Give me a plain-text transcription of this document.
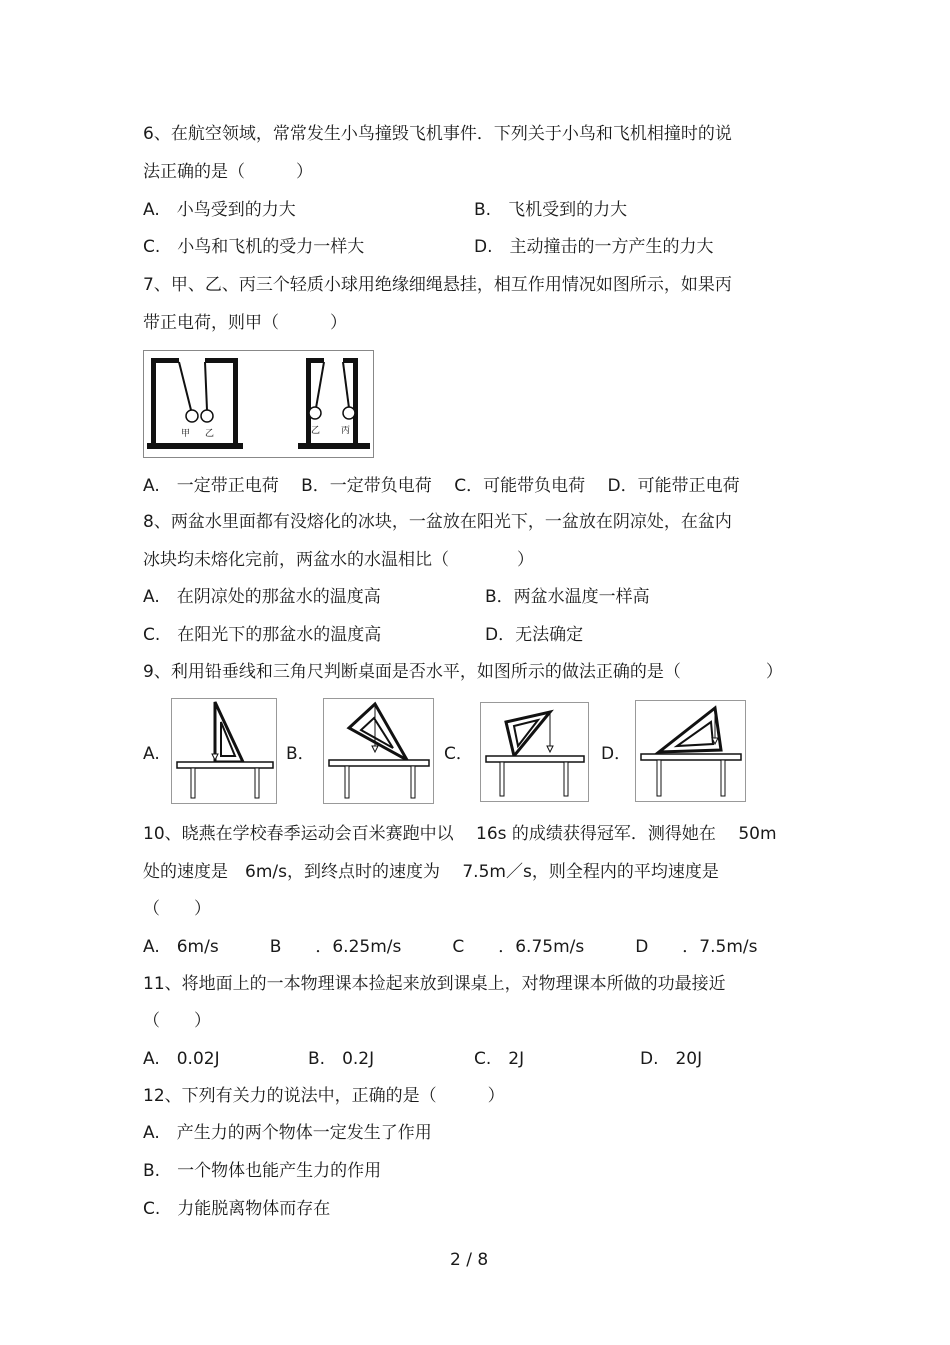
6、在航空领域，常常发生小鸟撞毁飞机事件．下列关于小鸟和飞机相撞时的说
法正确的是（　　　）
A.　小鸟受到的力大	B.　飞机受到的力大
C.　小鸟和飞机的受力一样大	D.　主动撞击的一方产生的力大
7、甲、乙、丙三个轻质小球用绝缘细绳悬挂，相互作用情况如图所示，如果丙
带正电荷，则甲（　　　）
甲 乙	乙 丙
A.　一定带正电荷　 B．一定带负电荷　 C．可能带负电荷　 D．可能带正电荷
8、两盆水里面都有没熔化的冰块，一盆放在阳光下，一盆放在阴凉处，在盆内
冰块均未熔化完前，两盆水的水温相比（　　　　）
A.　在阴凉处的那盆水的温度高	B．两盆水温度一样高
C.　在阳光下的那盆水的温度高	D．无法确定
9、利用铅垂线和三角尺判断桌面是否水平，如图所示的做法正确的是（　　　　　）
A.	B．	C．	D．
10、晓燕在学校春季运动会百米赛跑中以　 16s 的成绩获得冠军．测得她在　 50m
处的速度是　6m/s，到终点时的速度为　 7.5m／s，则全程内的平均速度是
（　　）
A.　6m/s　　　B　　．6.25m/s　　　C　　．6.75m/s　　　D　　．7.5m/s
11、将地面上的一本物理课本捡起来放到课桌上，对物理课本所做的功最接近
（　　）
A.　0.02J	B.　0.2J	C.　2J	D.　20J
12、下列有关力的说法中，正确的是（　　　）
A.　产生力的两个物体一定发生了作用
B.　一个物体也能产生力的作用
C.　力能脱离物体而存在
2 / 8
